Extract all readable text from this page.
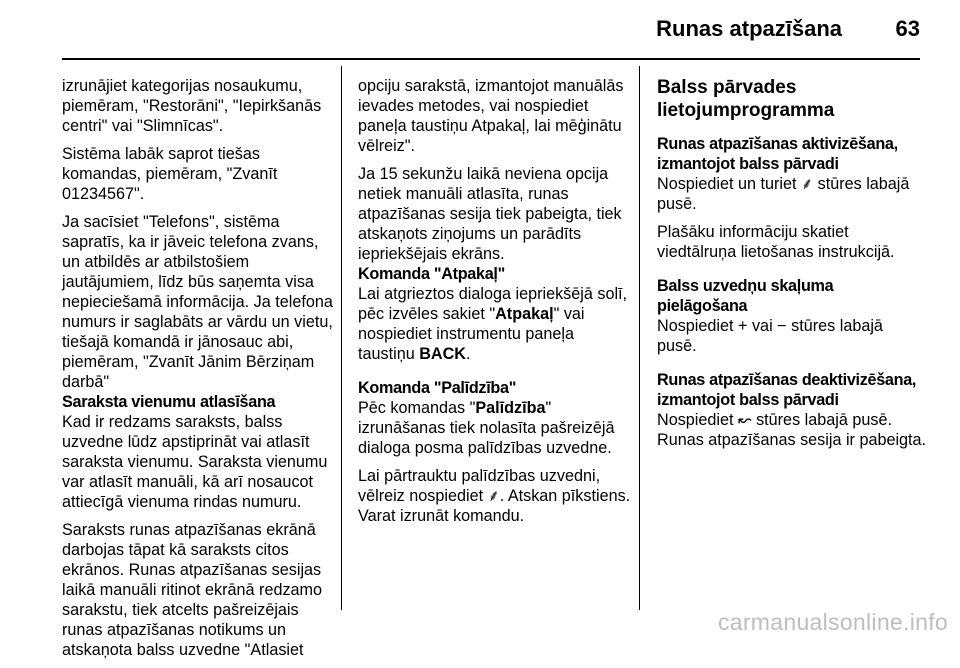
Runas atpazīšana 63

izrunājiet kategorijas nosaukumu, piemēram, "Restorāni", "Iepirkšanās centri" vai "Slimnīcas".

Sistēma labāk saprot tiešas komandas, piemēram, "Zvanīt 01234567".

Ja sacīsiet "Telefons", sistēma sapratīs, ka ir jāveic telefona zvans, un atbildēs ar atbilstošiem jautājumiem, līdz būs saņemta visa nepieciešamā informācija. Ja telefona numurs ir saglabāts ar vārdu un vietu, tiešajā komandā ir jānosauc abi, piemēram, "Zvanīt Jānim Bērziņam darbā"

Saraksta vienumu atlasīšana

Kad ir redzams saraksts, balss uzvedne lūdz apstiprināt vai atlasīt saraksta vienumu. Saraksta vienumu var atlasīt manuāli, kā arī nosaucot attiecīgā vienuma rindas numuru.

Saraksts runas atpazīšanas ekrānā darbojas tāpat kā saraksts citos ekrānos. Runas atpazīšanas sesijas laikā manuāli ritinot ekrānā redzamo sarakstu, tiek atcelts pašreizējais runas atpazīšanas notikums un atskaņota balss uzvedne "Atlasiet

opciju sarakstā, izmantojot manuālās ievades metodes, vai nospiediet paneļa taustiņu Atpakaļ, lai mēģinātu vēlreiz".

Ja 15 sekunžu laikā neviena opcija netiek manuāli atlasīta, runas atpazīšanas sesija tiek pabeigta, tiek atskaņots ziņojums un parādīts iepriekšējais ekrāns.

Komanda "Atpakaļ"

Lai atgrieztos dialoga iepriekšējā solī, pēc izvēles sakiet "Atpakaļ" vai nospiediet instrumentu paneļa taustiņu BACK.

Komanda "Palīdzība"

Pēc komandas "Palīdzība" izrunāšanas tiek nolasīta pašreizējā dialoga posma palīdzības uzvedne.

Lai pārtrauktu palīdzības uzvedni, vēlreiz nospiediet ⸙. Atskan pīkstiens. Varat izrunāt komandu.

Balss pārvades lietojumprogramma
Runas atpazīšanas aktivizēšana, izmantojot balss pārvadi

Nospiediet un turiet ⸙ stūres labajā pusē.

Plašāku informāciju skatiet viedtālruņa lietošanas instrukcijā.

Balss uzvedņu skaļuma pielāgošana

Nospiediet + vai − stūres labajā pusē.

Runas atpazīšanas deaktivizēšana, izmantojot balss pārvadi

Nospiediet ↜ stūres labajā pusē. Runas atpazīšanas sesija ir pabeigta.

carmanualsonline.info
